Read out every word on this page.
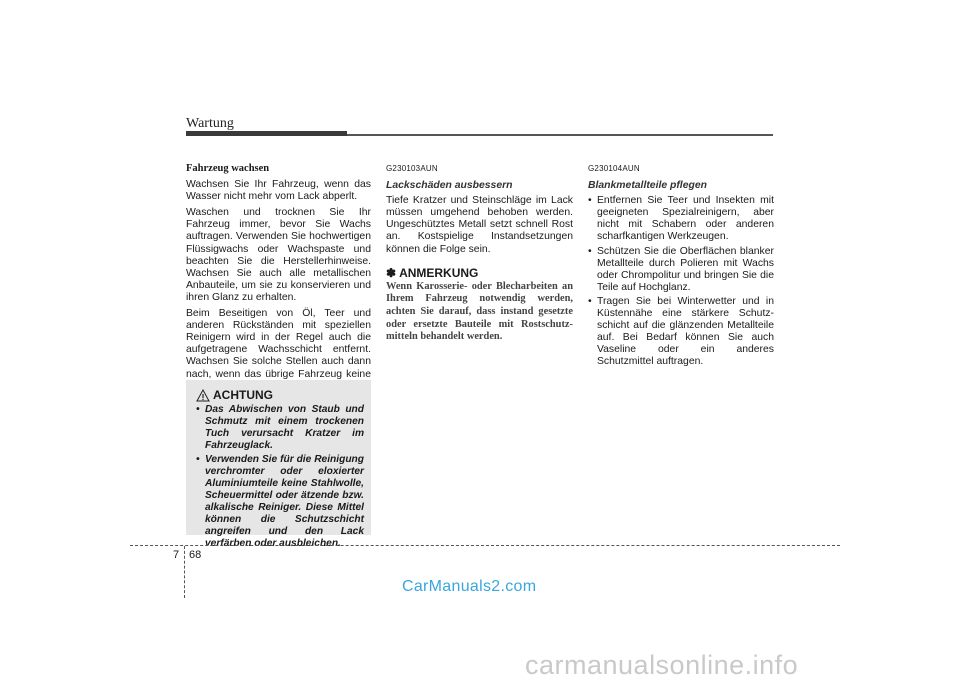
Wartung

Fahrzeug wachsen

Wachsen Sie Ihr Fahrzeug, wenn das Wasser nicht mehr vom Lack abperlt.

Waschen und trocknen Sie Ihr Fahrzeug immer, bevor Sie Wachs auftragen. Verwenden Sie hochwertigen Flüssigwachs oder Wachspaste und beachten Sie die Herstellerhinweise. Wachsen Sie auch alle metallischen Anbauteile, um sie zu konservieren und ihren Glanz zu erhalten.

Beim Beseitigen von Öl, Teer und anderen Rückständen mit speziellen Reinigern wird in der Regel auch die aufgetragene Wachsschicht entfernt. Wachsen Sie solche Stellen auch dann nach, wenn das übrige Fahrzeug keine

ACHTUNG
• Das Abwischen von Staub und Schmutz mit einem trockenen Tuch verursacht Kratzer im Fahrzeuglack.
• Verwenden Sie für die Reinigung verchromter oder eloxierter Aluminiumteile keine Stahlwolle, Scheuermittel oder ätzende bzw. alkalische Reiniger. Diese Mittel können die Schutzschicht angreifen und den Lack verfärben oder ausbleichen.

G230103AUN

Lackschäden ausbessern

Tiefe Kratzer und Steinschläge im Lack müssen umgehend behoben werden. Ungeschütztes Metall setzt schnell Rost an. Kostspielige Instandsetzungen können die Folge sein.

✽ ANMERKUNG

Wenn Karosserie- oder Blecharbeiten an Ihrem Fahrzeug notwendig werden, achten Sie darauf, dass instand gesetzte oder ersetzte Bauteile mit Rostschutz-mitteln behandelt werden.

G230104AUN

Blankmetallteile pflegen

• Entfernen Sie Teer und Insekten mit geeigneten Spezialreinigern, aber nicht mit Schabern oder anderen scharfkantigen Werkzeugen.
• Schützen Sie die Oberflächen blanker Metallteile durch Polieren mit Wachs oder Chrompolitur und bringen Sie die Teile auf Hochglanz.
• Tragen Sie bei Winterwetter und in Küstennähe eine stärkere Schutz-schicht auf die glänzenden Metallteile auf. Bei Bedarf können Sie auch Vaseline oder ein anderes Schutzmittel auftragen.
7 68
CarManuals2.com
carmanualsonline.info
